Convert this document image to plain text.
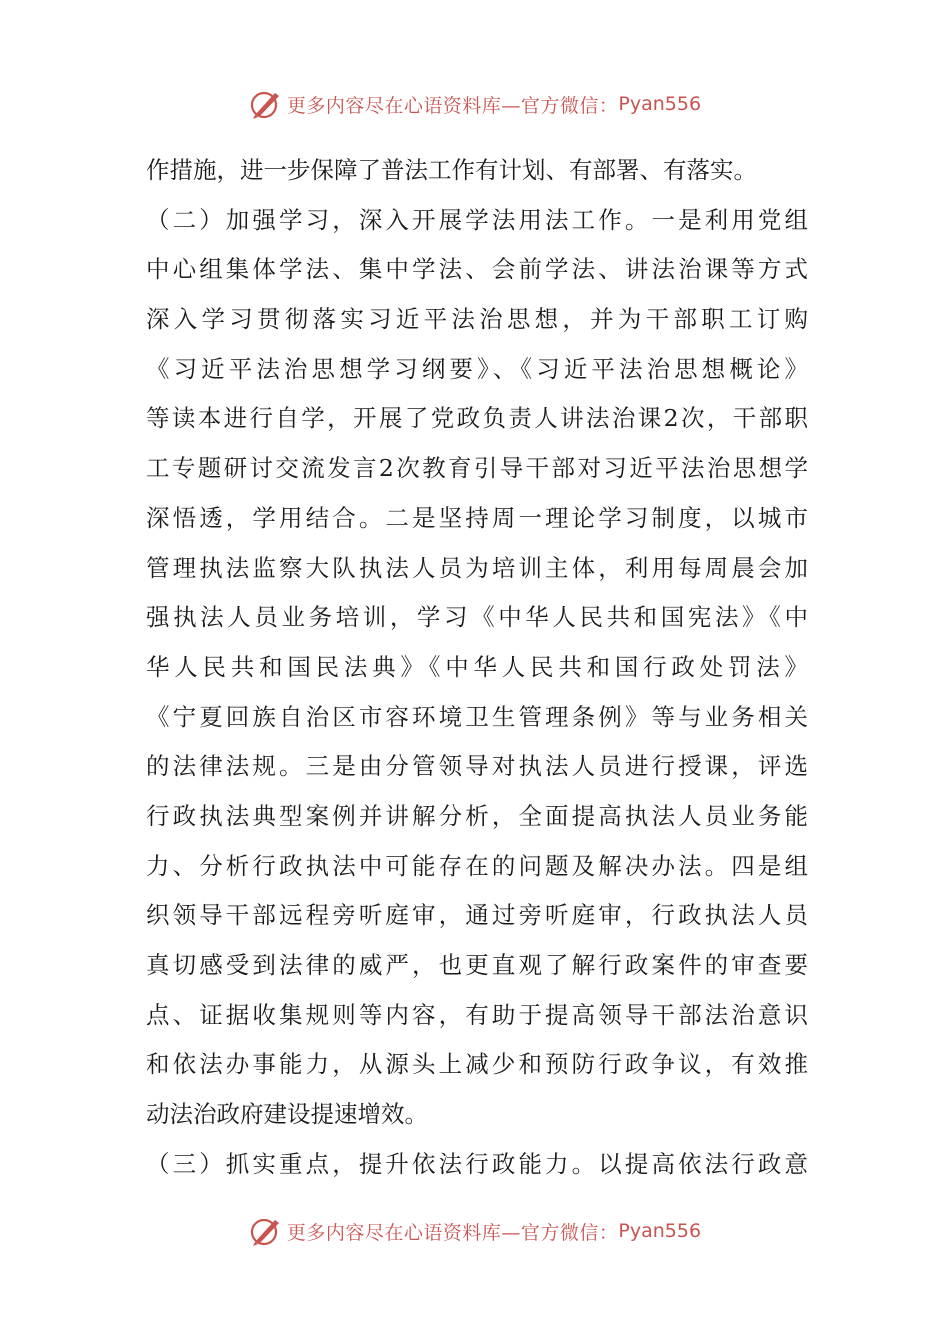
更多内容尽在心语资料库—官方微信： Pyan556
作措施，进一步保障了普法工作有计划、有部署、有落实。
（二）加强学习，深入开展学法用法工作。一是利用党组
中心组集体学法、集中学法、会前学法、讲法治课等方式
深入学习贯彻落实习近平法治思想，并为干部职工订购
《习近平法治思想学习纲要》、《习近平法治思想概论》
等读本进行自学，开展了党政负责人讲法治课2次，干部职
工专题研讨交流发言2次教育引导干部对习近平法治思想学
深悟透，学用结合。二是坚持周一理论学习制度，以城市
管理执法监察大队执法人员为培训主体，利用每周晨会加
强执法人员业务培训，学习《中华人民共和国宪法》《中
华人民共和国民法典》《中华人民共和国行政处罚法》
《宁夏回族自治区市容环境卫生管理条例》等与业务相关
的法律法规。三是由分管领导对执法人员进行授课，评选
行政执法典型案例并讲解分析，全面提高执法人员业务能
力、分析行政执法中可能存在的问题及解决办法。四是组
织领导干部远程旁听庭审，通过旁听庭审，行政执法人员
真切感受到法律的威严，也更直观了解行政案件的审查要
点、证据收集规则等内容，有助于提高领导干部法治意识
和依法办事能力，从源头上减少和预防行政争议，有效推
动法治政府建设提速增效。
（三）抓实重点，提升依法行政能力。以提高依法行政意
更多内容尽在心语资料库—官方微信： Pyan556
